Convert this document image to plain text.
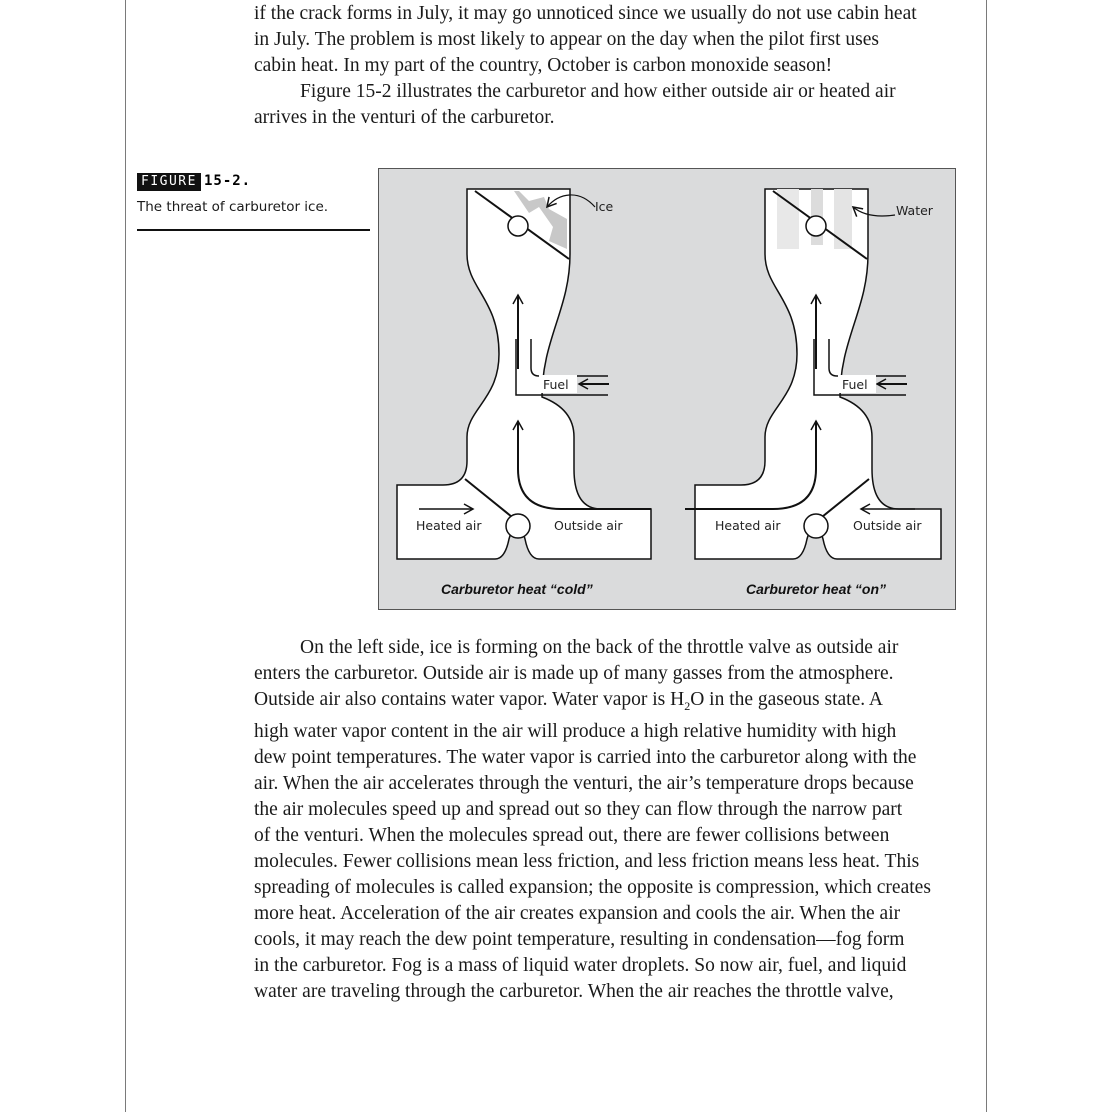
if the crack forms in July, it may go unnoticed since we usually do not use cabin heat

in July. The problem is most likely to appear on the day when the pilot first uses

cabin heat. In my part of the country, October is carbon monoxide season!

Figure 15-2 illustrates the carburetor and how either outside air or heated air

arrives in the venturi of the carburetor.

FIGURE 15-2.
The threat of carburetor ice.	Ice
Fuel
Heated air	Outside air
Carburetor heat “cold”
Water
Fuel
Heated air	Outside air
Carburetor heat “on”

On the left side, ice is forming on the back of the throttle valve as outside air

enters the carburetor. Outside air is made up of many gasses from the atmosphere.

Outside air also contains water vapor. Water vapor is $H_2O$ in the gaseous state. A

high water vapor content in the air will produce a high relative humidity with high

dew point temperatures. The water vapor is carried into the carburetor along with the

air. When the air accelerates through the venturi, the air’s temperature drops because

the air molecules speed up and spread out so they can flow through the narrow part

of the venturi. When the molecules spread out, there are fewer collisions between

molecules. Fewer collisions mean less friction, and less friction means less heat. This

spreading of molecules is called expansion; the opposite is compression, which creates

more heat. Acceleration of the air creates expansion and cools the air. When the air

cools, it may reach the dew point temperature, resulting in condensation—fog form

in the carburetor. Fog is a mass of liquid water droplets. So now air, fuel, and liquid

water are traveling through the carburetor. When the air reaches the throttle valve,
